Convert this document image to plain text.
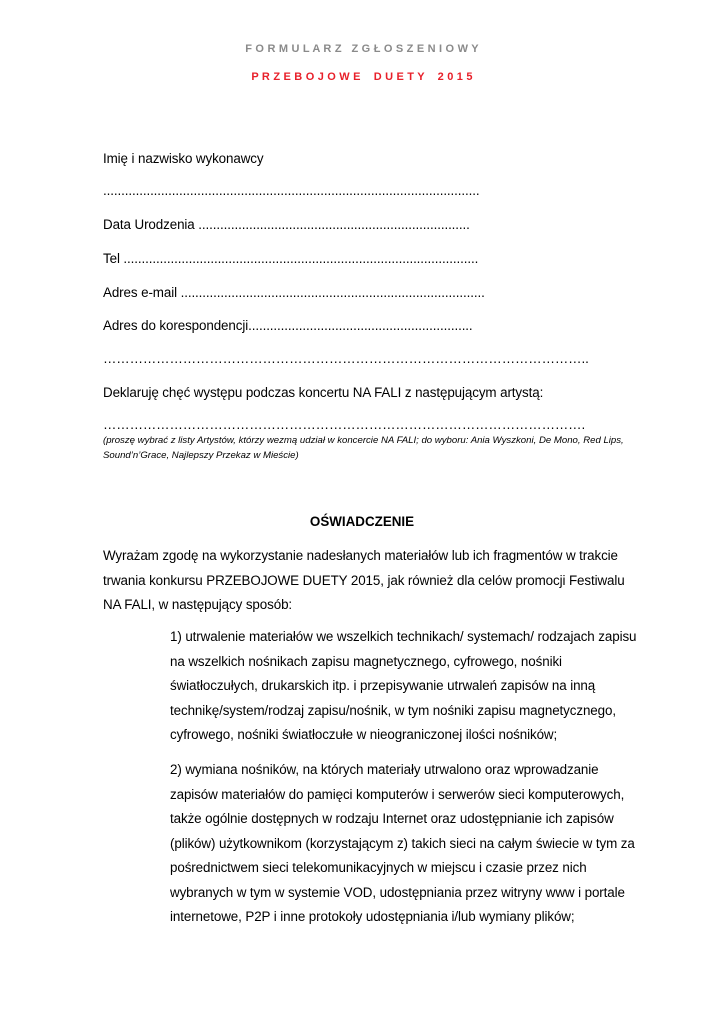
F O R M U L A R Z   Z G Ł O S Z E N I O W Y
P R Z E B O J O W E    D U E T Y    2 0 1 5
Imię i nazwisko wykonawcy
........................................................................................................
Data Urodzenia ...........................................................................
Tel ..................................................................................................
Adres e-mail ....................................................................................
Adres do korespondencji..............................................................
………………………………………………………………………………………………..
Deklaruję chęć występu podczas koncertu NA FALI z następującym artystą:
……………………………………………………………………………………………….
(proszę wybrać z listy Artystów, którzy wezmą udział w koncercie NA FALI; do wyboru: Ania Wyszkoni, De Mono, Red Lips, Sound’n’Grace, Najlepszy Przekaz w Mieście)
OŚWIADCZENIE
Wyrażam zgodę na wykorzystanie nadesłanych materiałów lub ich fragmentów w trakcie trwania konkursu PRZEBOJOWE DUETY 2015, jak również dla celów promocji Festiwalu NA FALI, w następujący sposób:
1) utrwalenie materiałów we wszelkich technikach/ systemach/ rodzajach zapisu na wszelkich nośnikach zapisu magnetycznego, cyfrowego, nośniki światłoczułych, drukarskich itp. i przepisywanie utrwaleń zapisów na inną technikę/system/rodzaj zapisu/nośnik, w tym nośniki zapisu magnetycznego, cyfrowego, nośniki światłoczułe w nieograniczonej ilości nośników;
2) wymiana nośników, na których materiały utrwalono oraz wprowadzanie zapisów materiałów do pamięci komputerów i serwerów sieci komputerowych, także ogólnie dostępnych w rodzaju Internet oraz udostępnianie ich zapisów (plików) użytkownikom (korzystającym z) takich sieci na całym świecie w tym za pośrednictwem sieci telekomunikacyjnych w miejscu i czasie przez nich wybranych w tym w systemie VOD, udostępniania przez witryny www i portale internetowe, P2P i inne protokoły udostępniania i/lub wymiany plików;
